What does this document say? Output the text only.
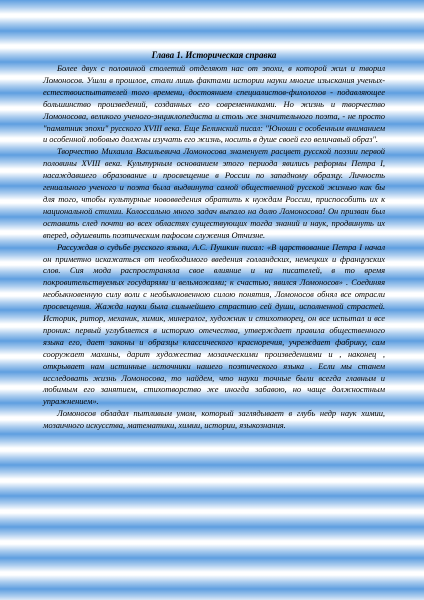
Глава 1. Историческая справка

Более двух с половиной столетий отделяют нас от эпохи, в которой жил и творил Ломоносов. Ушли в прошлое, стали лишь фактами истории науки многие изыскания ученых-естествоиспытателей того времени, достоянием специалистов-филологов - подавляющее большинство произведений, созданных его современниками. Но жизнь и творчество Ломоносова, великого ученого-энциклопедиста и столь же значительного поэта, - не просто "памятник эпохи" русского XVIII века. Еще Белинский писал: "Юноши с особенным вниманием и особенной любовью должны изучать его жизнь, носить в душе своей его величавый образ".

Творчество Михаила Васильевича Ломоносова знаменует расцвет русской поэзии первой половины XVIII века. Культурным основанием этого периода явились реформы Петра I, насаждавшего образование и просвещение в России по западному образцу. Личность гениального ученого и поэта была выдвинута самой общественной русской жизнью как бы для того, чтобы культурные нововведения обратить к нуждам России, приспособить их к национальной стихии. Колоссально много задач выпало на долю Ломоносова! Он призван был оставить след почти во всех областях существующих тогда знаний и наук, продвинуть их вперед, одушевить поэтическим пафосом служения Отчизне.

Рассуждая о судьбе русского языка, А.С. Пушкин писал: «В царствование Петра I начал он приметно искажаться от необходимого введения голландских, немецких и французских слов. Сия мода распространяла свое влияние и на писателей, в то время покровительствуемых государями и вельможами; к счастью, явился Ломоносов» . Соединяя необыкновенную силу воли с необыкновенною силою понятия, Ломоносов обнял все отрасли просвещения. Жажда науки была сильнейшею страстию сей души, исполненной страстей. Историк, ритор, механик, химик, минералог, художник и стихотворец, он все испытал и все проник: первый углубляется в историю отечества, утверждает правила общественного языка его, дает законы и образцы классического красноречия, учреждает фабрику, сам сооружает махины, дарит художества мозаическими произведениями и , наконец , открывает нам истинные источники нашего поэтического языка . Если мы станем исследовать жизнь Ломоносова, то найдем, что науки точные были всегда главным и любимым его занятием, стихотворство же иногда забавою, но чаще должностным упражнением».

Ломоносов обладал пытливым умом, который заглядывает в глубь недр наук химии, мозаичного искусства, математики, химии, истории, языкознания.
